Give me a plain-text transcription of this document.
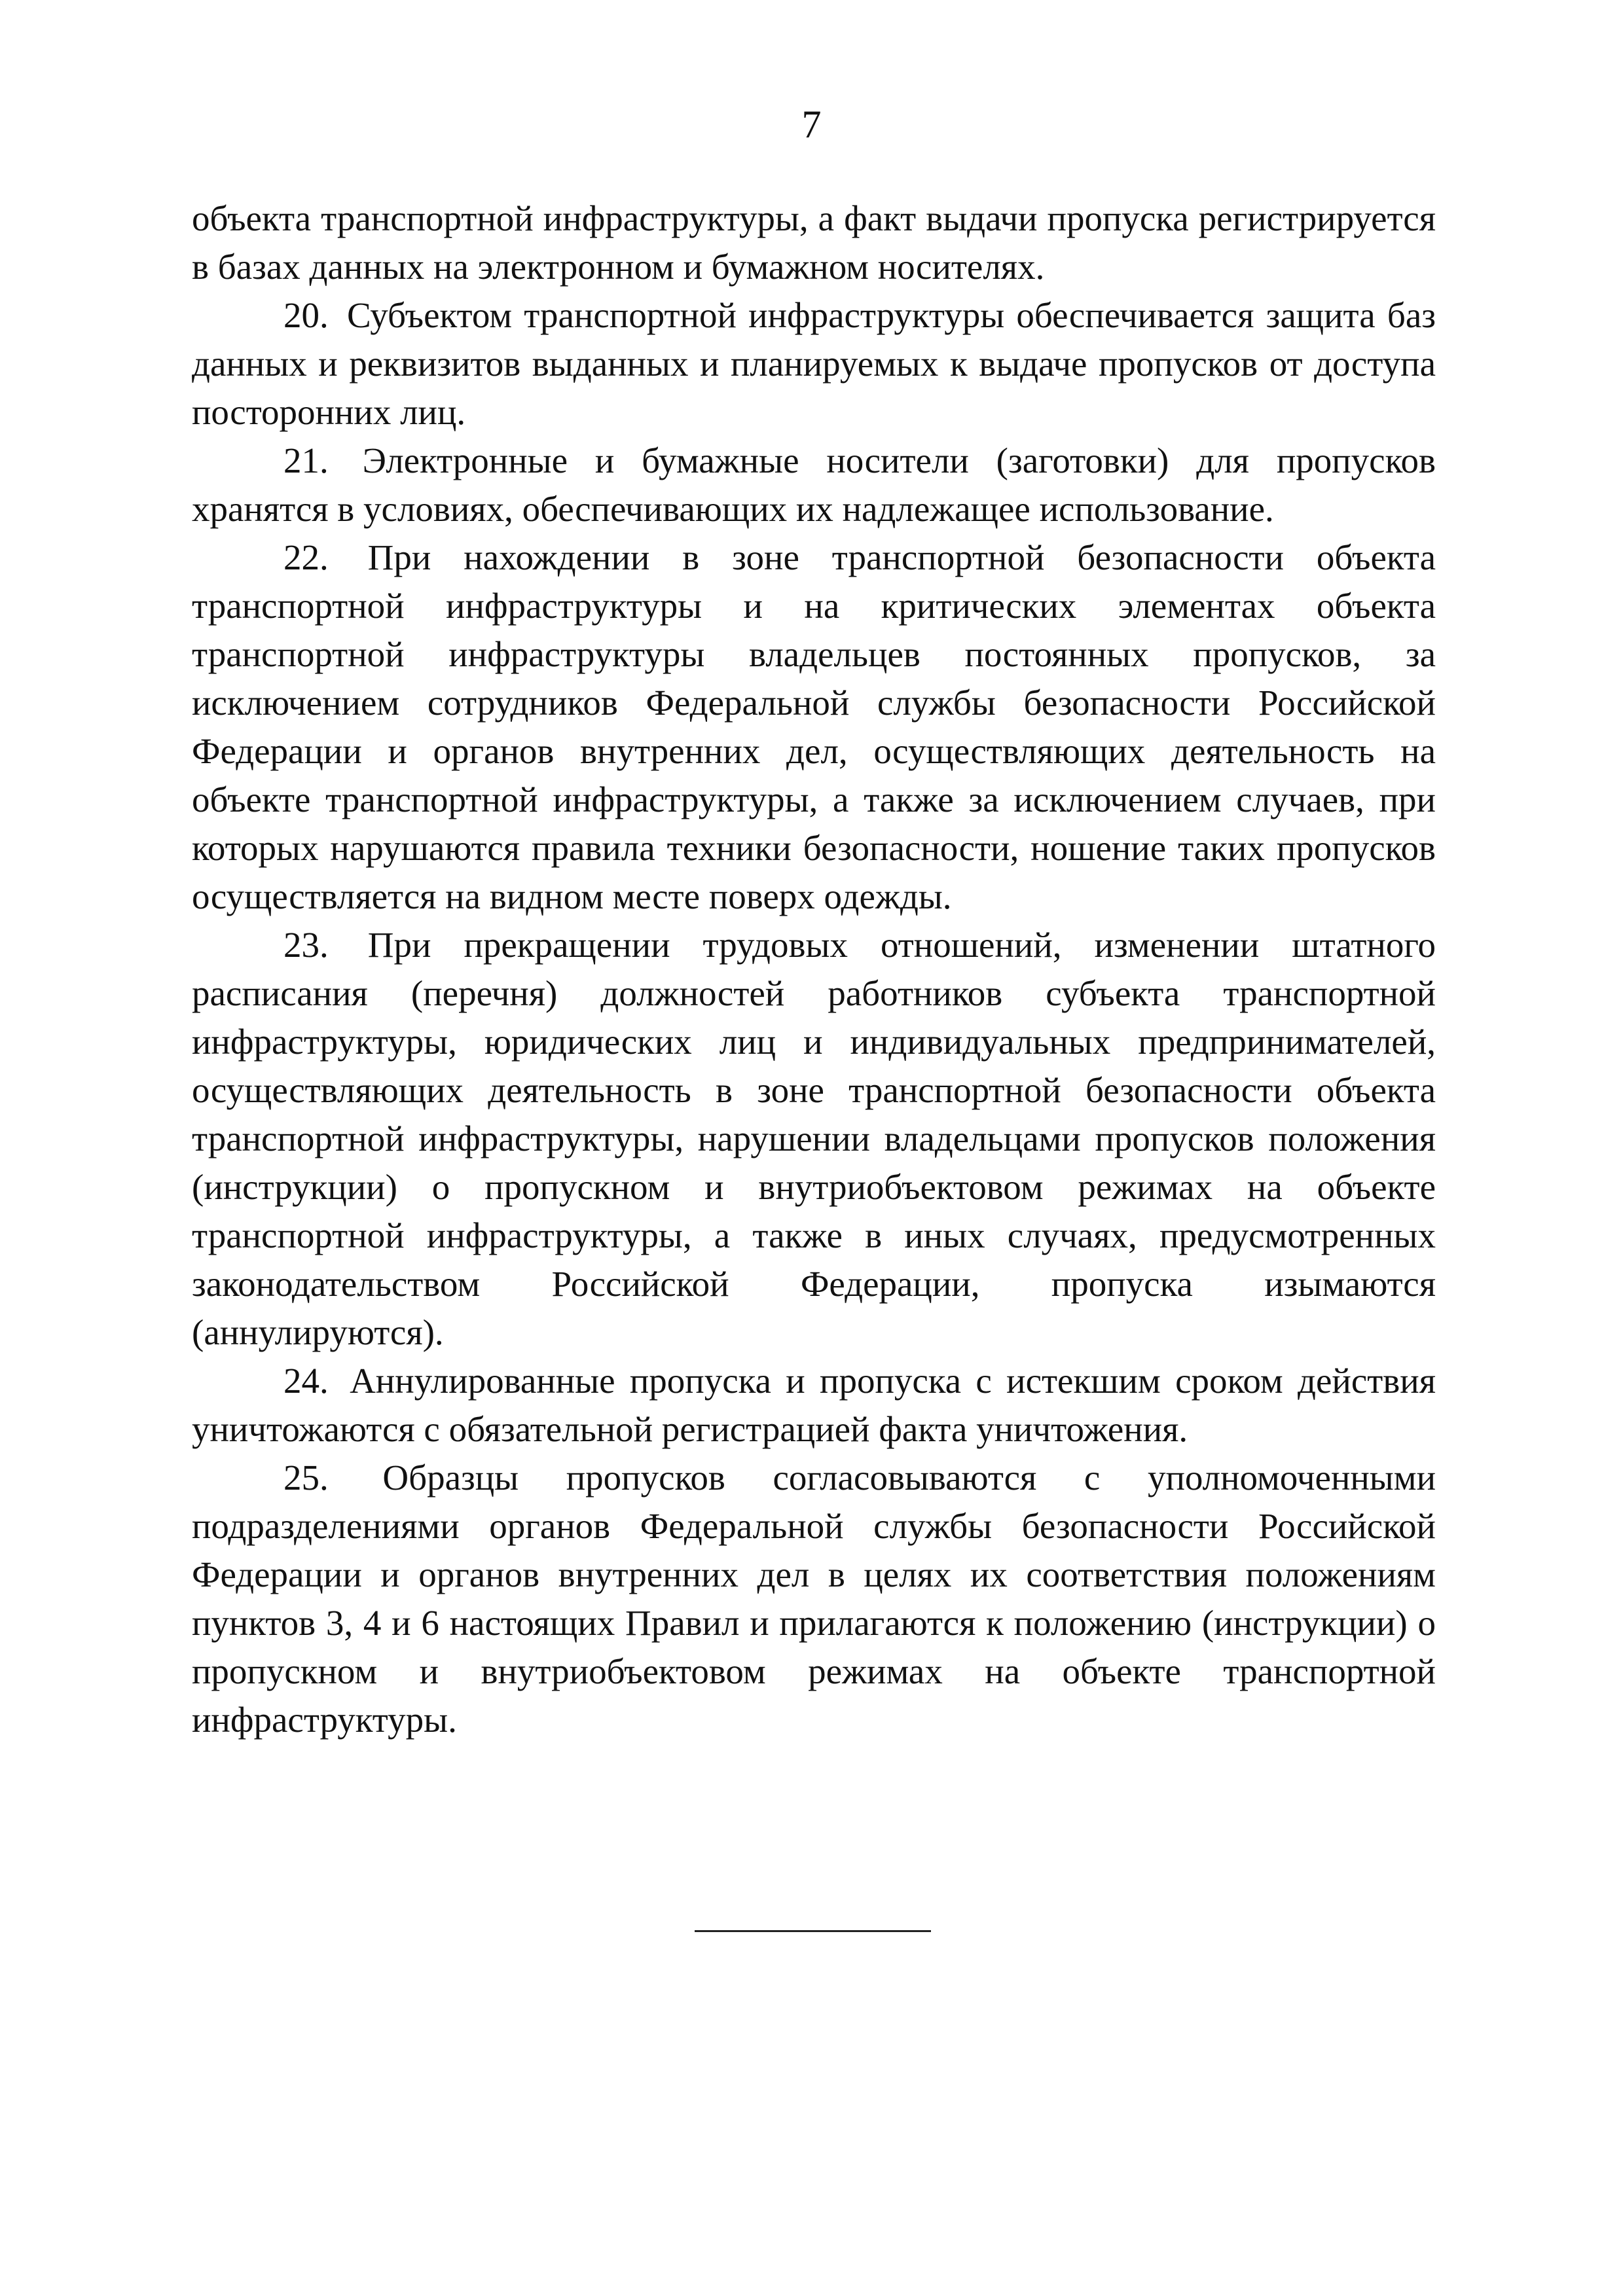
7

объекта транспортной инфраструктуры, а факт выдачи пропуска регистрируется в базах данных на электронном и бумажном носителях.

20. Субъектом транспортной инфраструктуры обеспечивается защита баз данных и реквизитов выданных и планируемых к выдаче пропусков от доступа посторонних лиц.

21. Электронные и бумажные носители (заготовки) для пропусков хранятся в условиях, обеспечивающих их надлежащее использование.

22. При нахождении в зоне транспортной безопасности объекта транспортной инфраструктуры и на критических элементах объекта транспортной инфраструктуры владельцев постоянных пропусков, за исключением сотрудников Федеральной службы безопасности Российской Федерации и органов внутренних дел, осуществляющих деятельность на объекте транспортной инфраструктуры, а также за исключением случаев, при которых нарушаются правила техники безопасности, ношение таких пропусков осуществляется на видном месте поверх одежды.

23. При прекращении трудовых отношений, изменении штатного расписания (перечня) должностей работников субъекта транспортной инфраструктуры, юридических лиц и индивидуальных предпринимателей, осуществляющих деятельность в зоне транспортной безопасности объекта транспортной инфраструктуры, нарушении владельцами пропусков положения (инструкции) о пропускном и внутриобъектовом режимах на объекте транспортной инфраструктуры, а также в иных случаях, предусмотренных законодательством Российской Федерации, пропуска изымаются (аннулируются).

24. Аннулированные пропуска и пропуска с истекшим сроком действия уничтожаются с обязательной регистрацией факта уничтожения.

25. Образцы пропусков согласовываются с уполномоченными подразделениями органов Федеральной службы безопасности Российской Федерации и органов внутренних дел в целях их соответствия положениям пунктов 3, 4 и 6 настоящих Правил и прилагаются к положению (инструкции) о пропускном и внутриобъектовом режимах на объекте транспортной инфраструктуры.
